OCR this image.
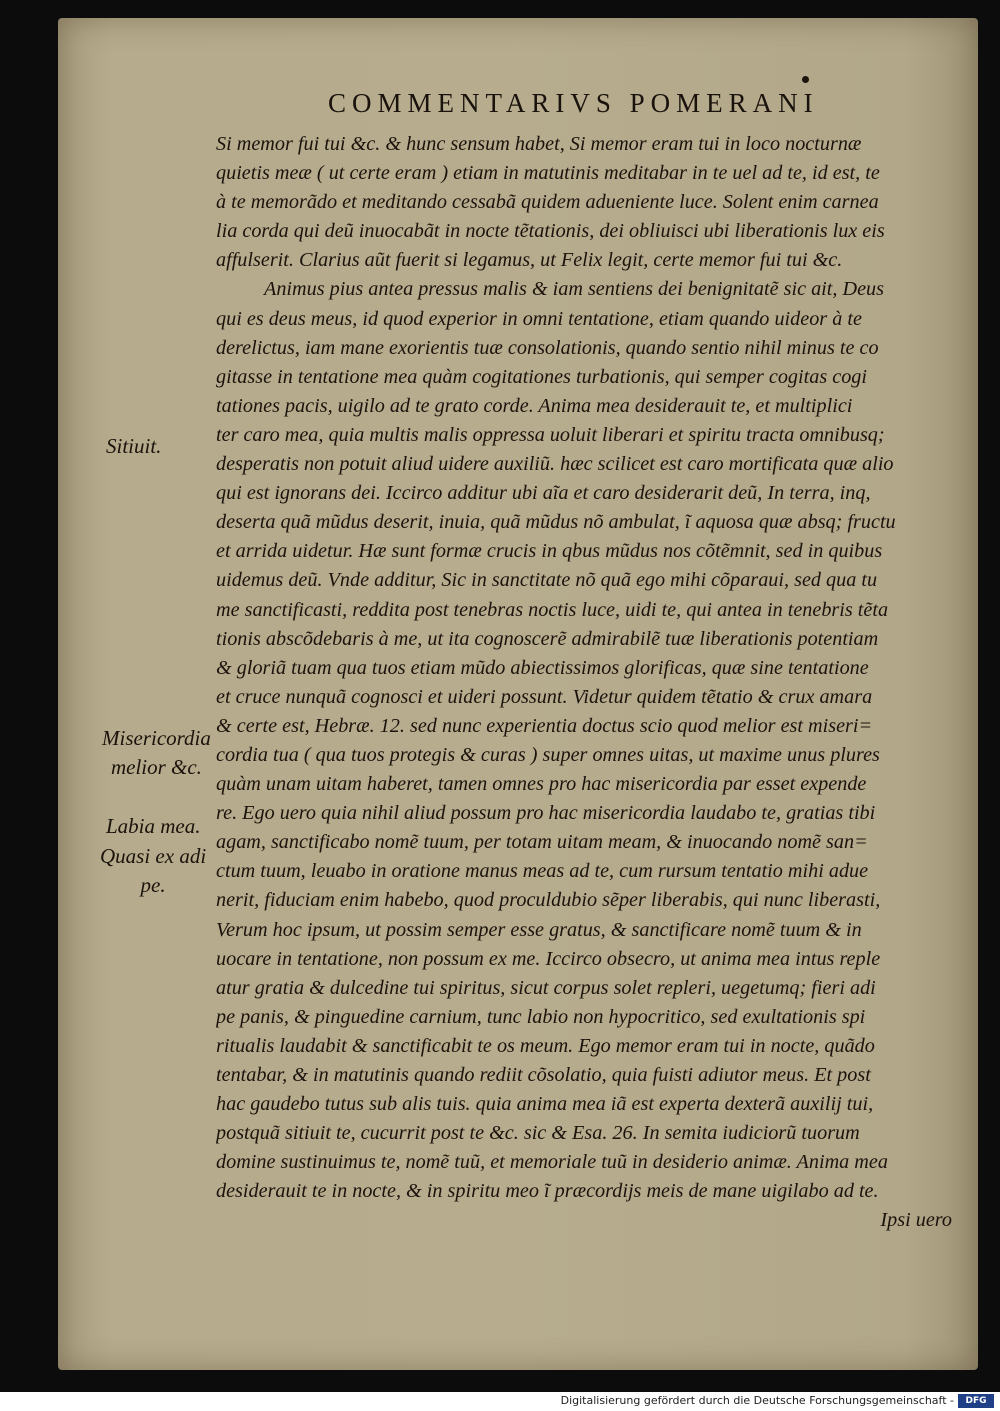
COMMENTARIVS POMERANI
Si memor fui tui &c. & hunc sensum habet, Si memor eram tui in loco nocturnæ
quietis meæ ( ut certe eram ) etiam in matutinis meditabar in te uel ad te, id est, te
à te memorãdo et meditando cessabã quidem adueniente luce. Solent enim carnea
lia corda qui deũ inuocabãt in nocte tẽtationis, dei obliuisci ubi liberationis lux eis
affulserit. Clarius aũt fuerit si legamus, ut Felix legit, certe memor fui tui &c.
Animus pius antea pressus malis & iam sentiens dei benignitatẽ sic ait, Deus
qui es deus meus, id quod experior in omni tentatione, etiam quando uideor à te
derelictus, iam mane exorientis tuæ consolationis, quando sentio nihil minus te co
gitasse in tentatione mea quàm cogitationes turbationis, qui semper cogitas cogi
tationes pacis, uigilo ad te grato corde. Anima mea desiderauit te, et multiplici
ter caro mea, quia multis malis oppressa uoluit liberari et spiritu tracta omnibusq;
desperatis non potuit aliud uidere auxiliũ. hæc scilicet est caro mortificata quæ alio
qui est ignorans dei. Iccirco additur ubi aĩa et caro desiderarit deũ, In terra, inq,
deserta quã mũdus deserit, inuia, quã mũdus nõ ambulat, ĩ aquosa quæ absq; fructu
et arrida uidetur. Hæ sunt formæ crucis in qbus mũdus nos cõtẽmnit, sed in quibus
uidemus deũ. Vnde additur, Sic in sanctitate nõ quã ego mihi cõparaui, sed qua tu
me sanctificasti, reddita post tenebras noctis luce, uidi te, qui antea in tenebris tẽta
tionis abscõdebaris à me, ut ita cognoscerẽ admirabilẽ tuæ liberationis potentiam
& gloriã tuam qua tuos etiam mũdo abiectissimos glorificas, quæ sine tentatione
et cruce nunquã cognosci et uideri possunt. Videtur quidem tẽtatio & crux amara
& certe est, Hebræ. 12. sed nunc experientia doctus scio quod melior est miseri=
cordia tua ( qua tuos protegis & curas ) super omnes uitas, ut maxime unus plures
quàm unam uitam haberet, tamen omnes pro hac misericordia par esset expende
re. Ego uero quia nihil aliud possum pro hac misericordia laudabo te, gratias tibi
agam, sanctificabo nomẽ tuum, per totam uitam meam, & inuocando nomẽ san=
ctum tuum, leuabo in oratione manus meas ad te, cum rursum tentatio mihi adue
nerit, fiduciam enim habebo, quod proculdubio sẽper liberabis, qui nunc liberasti,
Verum hoc ipsum, ut possim semper esse gratus, & sanctificare nomẽ tuum & in
uocare in tentatione, non possum ex me. Iccirco obsecro, ut anima mea intus reple
atur gratia & dulcedine tui spiritus, sicut corpus solet repleri, uegetumq; fieri adi
pe panis, & pinguedine carnium, tunc labio non hypocritico, sed exultationis spi
ritualis laudabit & sanctificabit te os meum. Ego memor eram tui in nocte, quãdo
tentabar, & in matutinis quando rediit cõsolatio, quia fuisti adiutor meus. Et post
hac gaudebo tutus sub alis tuis. quia anima mea iã est experta dexterã auxilij tui,
postquã sitiuit te, cucurrit post te &c. sic & Esa. 26. In semita iudiciorũ tuorum
domine sustinuimus te, nomẽ tuũ, et memoriale tuũ in desiderio animæ. Anima mea
desiderauit te in nocte, & in spiritu meo ĩ præcordijs meis de mane uigilabo ad te.
Ipsi uero
Sitiuit.
Misericordia
melior &c.
Labia mea.
Quasi ex adi
pe.
Digitalisierung gefördert durch die Deutsche Forschungsgemeinschaft -	DFG
